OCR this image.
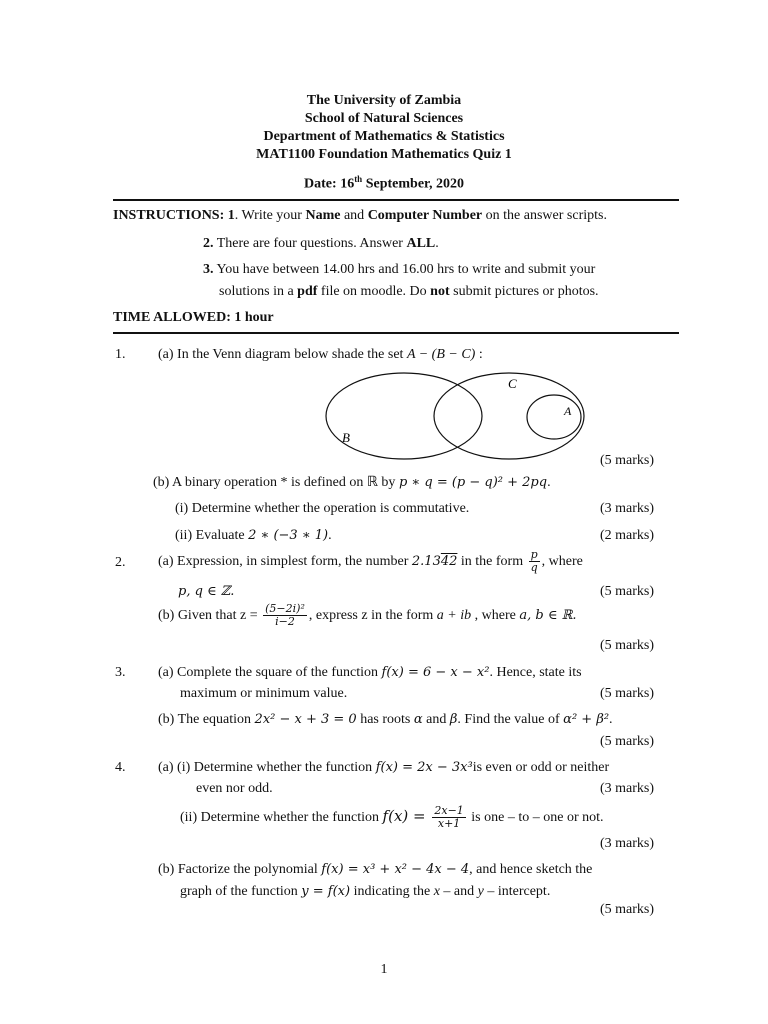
The University of Zambia
School of Natural Sciences
Department of Mathematics & Statistics
MAT1100 Foundation Mathematics Quiz 1
Date: 16th September, 2020
INSTRUCTIONS: 1. Write your Name and Computer Number on the answer scripts.
2. There are four questions. Answer ALL.
3. You have between 14.00 hrs and 16.00 hrs to write and submit your
solutions in a pdf file on moodle. Do not submit pictures or photos.
TIME ALLOWED: 1 hour
1. (a) In the Venn diagram below shade the set A − (B − C) :
C
A
B
(5 marks)
(b) A binary operation * is defined on ℝ by p ∗ q = (p − q)² + 2pq.
(i) Determine whether the operation is commutative.	(3 marks)
(ii) Evaluate 2 ∗ (−3 ∗ 1).	(2 marks)
2. (a) Expression, in simplest form, the number 2.1342 in the form $\frac{p}{q}$ , where
p, q ∈ ℤ.	(5 marks)
(b) Given that $z = \frac{\text{(5−2i)²}}{i-2}$ , express z in the form a + ib , where a, b ∈ ℝ.
(5 marks)
3. (a) Complete the square of the function f(x) = 6 − x − x². Hence, state its
maximum or minimum value.	(5 marks)
(b) The equation 2x² − x + 3 = 0 has roots α and β. Find the value of α² + β².
(5 marks)
4. (a) (i) Determine whether the function f(x) = 2x − 3x³is even or odd or neither
even nor odd.	(3 marks)
(ii) Determine whether the function $f(x) = \frac{2x-1}{x+1}$ is one – to – one or not.
(3 marks)
(b) Factorize the polynomial f(x) = x³ + x² − 4x − 4, and hence sketch the
graph of the function y = f(x) indicating the x – and y – intercept.
(5 marks)
1
